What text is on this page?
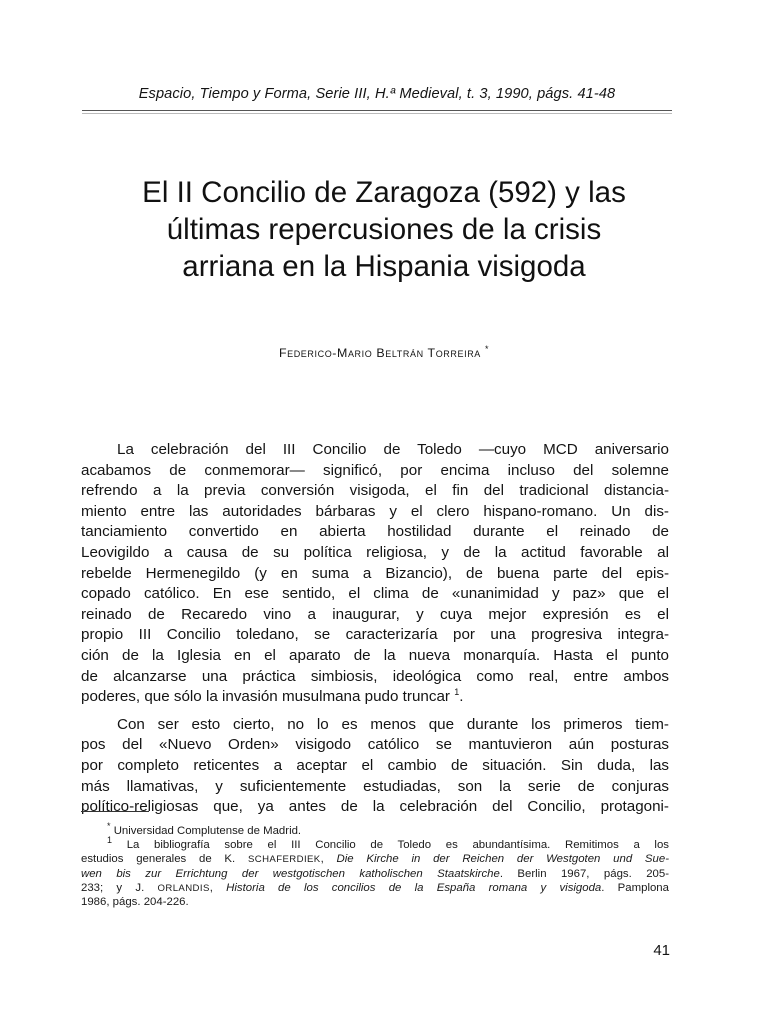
Espacio, Tiempo y Forma, Serie III, H.ª Medieval, t. 3, 1990, págs. 41-48
El II Concilio de Zaragoza (592) y las
últimas repercusiones de la crisis
arriana en la Hispania visigoda
Federico-Mario Beltrán Torreira *
La celebración del III Concilio de Toledo —cuyo MCD aniversario
acabamos de conmemorar— significó, por encima incluso del solemne
refrendo a la previa conversión visigoda, el fin del tradicional distancia-
miento entre las autoridades bárbaras y el clero hispano-romano. Un dis-
tanciamiento convertido en abierta hostilidad durante el reinado de
Leovigildo a causa de su política religiosa, y de la actitud favorable al
rebelde Hermenegildo (y en suma a Bizancio), de buena parte del epis-
copado católico. En ese sentido, el clima de «unanimidad y paz» que el
reinado de Recaredo vino a inaugurar, y cuya mejor expresión es el
propio III Concilio toledano, se caracterizaría por una progresiva integra-
ción de la Iglesia en el aparato de la nueva monarquía. Hasta el punto
de alcanzarse una práctica simbiosis, ideológica como real, entre ambos
poderes, que sólo la invasión musulmana pudo truncar $^1$.
Con ser esto cierto, no lo es menos que durante los primeros tiem-
pos del «Nuevo Orden» visigodo católico se mantuvieron aún posturas
por completo reticentes a aceptar el cambio de situación. Sin duda, las
más llamativas, y suficientemente estudiadas, son la serie de conjuras
político-religiosas que, ya antes de la celebración del Concilio, protagoni-
* Universidad Complutense de Madrid.
$^1$ La bibliografía sobre el III Concilio de Toledo es abundantísima. Remitimos a los
estudios generales de K. SCHAFERDIEK, Die Kirche in der Reichen der Westgoten und Sue-
wen bis zur Errichtung der westgotischen katholischen Staatskirche. Berlin 1967, págs. 205-
233; y J. ORLANDIS, Historia de los concilios de la España romana y visigoda. Pamplona
1986, págs. 204-226.
41
